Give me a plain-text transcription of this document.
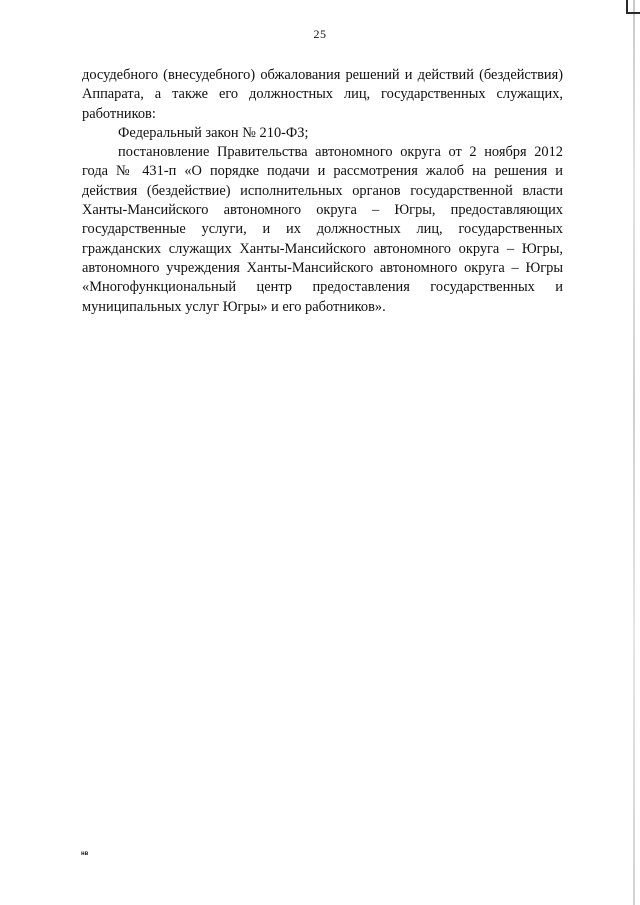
25

досудебного (внесудебного) обжалования решений и действий (бездействия) Аппарата, а также его должностных лиц, государственных служащих, работников:

Федеральный закон № 210-ФЗ;

постановление Правительства автономного округа от 2 ноября 2012 года № 431-п «О порядке подачи и рассмотрения жалоб на решения и действия (бездействие) исполнительных органов государственной власти Ханты-Мансийского автономного округа – Югры, предоставляющих государственные услуги, и их должностных лиц, государственных гражданских служащих Ханты-Мансийского автономного округа – Югры, автономного учреждения Ханты-Мансийского автономного округа – Югры «Многофункциональный центр предоставления государственных и муниципальных услуг Югры» и его работников».

нв
